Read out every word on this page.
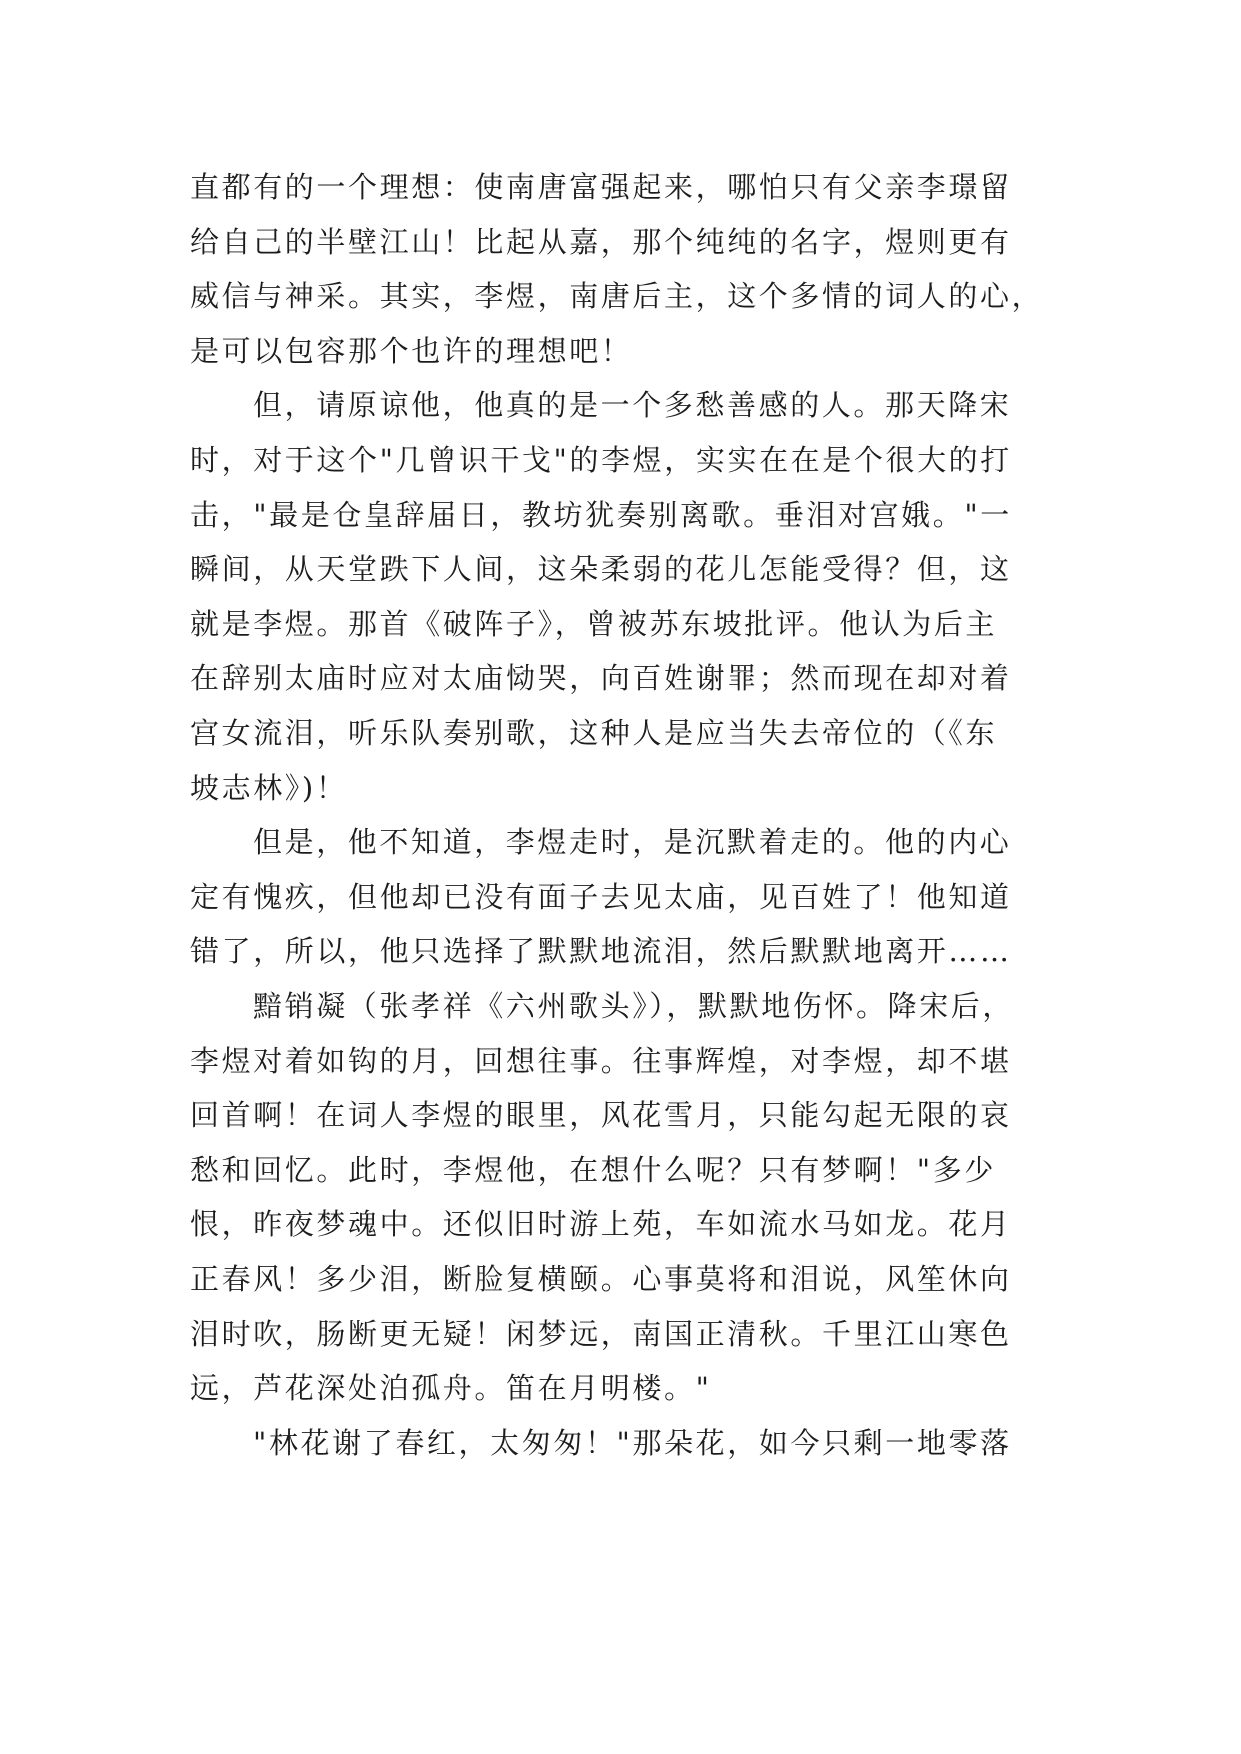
直都有的一个理想：使南唐富强起来，哪怕只有父亲李璟留
给自己的半壁江山！比起从嘉，那个纯纯的名字，煜则更有
威信与神采。其实，李煜，南唐后主，这个多情的词人的心，
是可以包容那个也许的理想吧！
但，请原谅他，他真的是一个多愁善感的人。那天降宋
时，对于这个"几曾识干戈"的李煜，实实在在是个很大的打
击，"最是仓皇辞届日，教坊犹奏别离歌。垂泪对宫娥。"一
瞬间，从天堂跌下人间，这朵柔弱的花儿怎能受得？但，这
就是李煜。那首《破阵子》，曾被苏东坡批评。他认为后主
在辞别太庙时应对太庙恸哭，向百姓谢罪；然而现在却对着
宫女流泪，听乐队奏别歌，这种人是应当失去帝位的（《东
坡志林》)！
但是，他不知道，李煜走时，是沉默着走的。他的内心
定有愧疚，但他却已没有面子去见太庙，见百姓了！他知道
错了，所以，他只选择了默默地流泪，然后默默地离开……
黯销凝（张孝祥《六州歌头》），默默地伤怀。降宋后，
李煜对着如钩的月，回想往事。往事辉煌，对李煜，却不堪
回首啊！在词人李煜的眼里，风花雪月，只能勾起无限的哀
愁和回忆。此时，李煜他，在想什么呢？只有梦啊！"多少
恨，昨夜梦魂中。还似旧时游上苑，车如流水马如龙。花月
正春风！多少泪，断脸复横颐。心事莫将和泪说，风笙休向
泪时吹，肠断更无疑！闲梦远，南国正清秋。千里江山寒色
远，芦花深处泊孤舟。笛在月明楼。"
"林花谢了春红，太匆匆！"那朵花，如今只剩一地零落
